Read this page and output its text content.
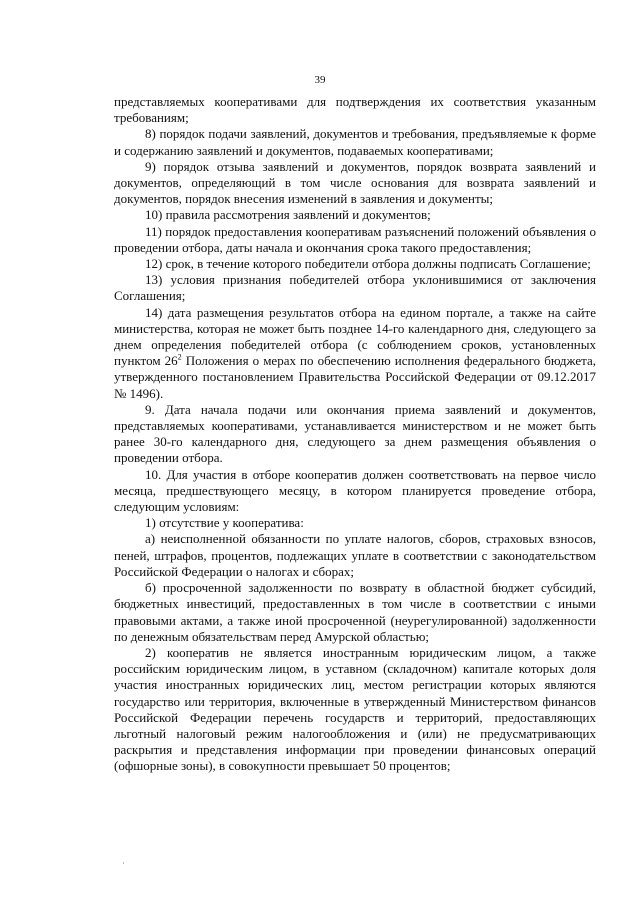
39

представляемых кооперативами для подтверждения их соответствия указанным требованиям;

8) порядок подачи заявлений, документов и требования, предъявляемые к форме и содержанию заявлений и документов, подаваемых кооперативами;

9) порядок отзыва заявлений и документов, порядок возврата заявлений и документов, определяющий в том числе основания для возврата заявлений и документов, порядок внесения изменений в заявления и документы;

10) правила рассмотрения заявлений и документов;

11) порядок предоставления кооперативам разъяснений положений объявления о проведении отбора, даты начала и окончания срока такого предоставления;

12) срок, в течение которого победители отбора должны подписать Соглашение;

13) условия признания победителей отбора уклонившимися от заключения Соглашения;

14) дата размещения результатов отбора на едином портале, а также на сайте министерства, которая не может быть позднее 14-го календарного дня, следующего за днем определения победителей отбора (с соблюдением сроков, установленных пунктом $26^2$ Положения о мерах по обеспечению исполнения федерального бюджета, утвержденного постановлением Правительства Российской Федерации от 09.12.2017 № 1496).

9. Дата начала подачи или окончания приема заявлений и документов, представляемых кооперативами, устанавливается министерством и не может быть ранее 30-го календарного дня, следующего за днем размещения объявления о проведении отбора.

10. Для участия в отборе кооператив должен соответствовать на первое число месяца, предшествующего месяцу, в котором планируется проведение отбора, следующим условиям:

1) отсутствие у кооператива:

а) неисполненной обязанности по уплате налогов, сборов, страховых взносов, пеней, штрафов, процентов, подлежащих уплате в соответствии с законодательством Российской Федерации о налогах и сборах;

б) просроченной задолженности по возврату в областной бюджет субсидий, бюджетных инвестиций, предоставленных в том числе в соответствии с иными правовыми актами, а также иной просроченной (неурегулированной) задолженности по денежным обязательствам перед Амурской областью;

2) кооператив не является иностранным юридическим лицом, а также российским юридическим лицом, в уставном (складочном) капитале которых доля участия иностранных юридических лиц, местом регистрации которых являются государство или территория, включенные в утвержденный Министерством финансов Российской Федерации перечень государств и территорий, предоставляющих льготный налоговый режим налогообложения и (или) не предусматривающих раскрытия и представления информации при проведении финансовых операций (офшорные зоны), в совокупности превышает 50 процентов;
